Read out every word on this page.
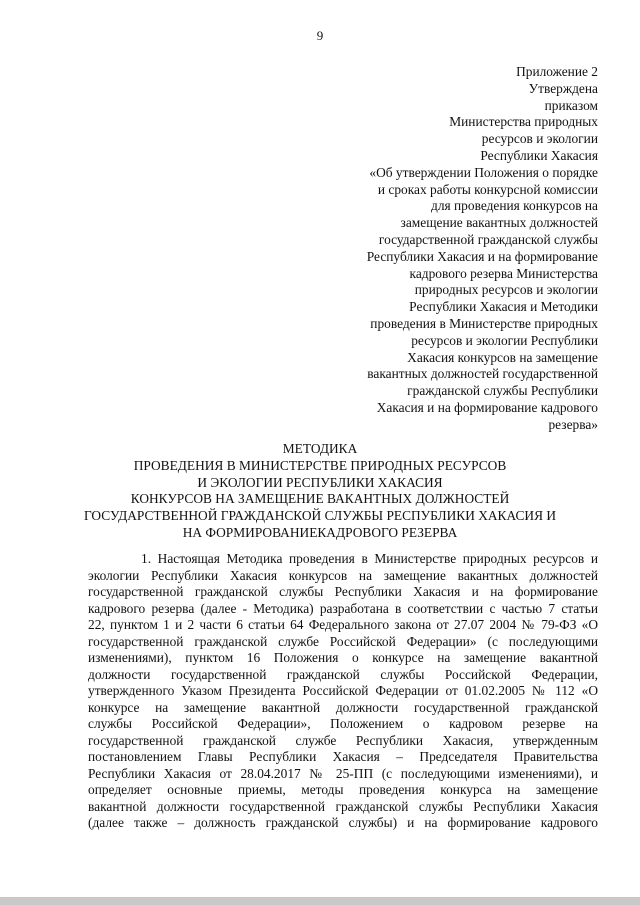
9
Приложение 2
Утверждена
приказом
Министерства природных
ресурсов и экологии
Республики Хакасия
«Об утверждении Положения о порядке
и сроках работы конкурсной комиссии
для проведения конкурсов на
замещение вакантных должностей
государственной гражданской службы
Республики Хакасия и на формирование
кадрового резерва Министерства
природных ресурсов и экологии
Республики Хакасия и Методики
проведения в Министерстве природных
ресурсов и экологии Республики
Хакасия конкурсов на замещение
вакантных должностей государственной
гражданской службы Республики
Хакасия и на формирование кадрового
резерва»
МЕТОДИКА
ПРОВЕДЕНИЯ В МИНИСТЕРСТВЕ ПРИРОДНЫХ РЕСУРСОВ
И ЭКОЛОГИИ РЕСПУБЛИКИ ХАКАСИЯ
КОНКУРСОВ НА ЗАМЕЩЕНИЕ ВАКАНТНЫХ ДОЛЖНОСТЕЙ
ГОСУДАРСТВЕННОЙ ГРАЖДАНСКОЙ СЛУЖБЫ РЕСПУБЛИКИ ХАКАСИЯ И
НА ФОРМИРОВАНИЕКАДРОВОГО РЕЗЕРВА
1. Настоящая Методика проведения в Министерстве природных ресурсов и
экологии Республики Хакасия конкурсов на замещение вакантных должностей
государственной гражданской службы Республики Хакасия и на формирование
кадрового резерва (далее - Методика) разработана в соответствии с частью 7 статьи
22, пунктом 1 и 2 части 6 статьи 64 Федерального закона от 27.07 2004 № 79-ФЗ «О
государственной гражданской службе Российской Федерации» (с последующими
изменениями), пунктом 16 Положения о конкурсе на замещение вакантной
должности государственной гражданской службы Российской Федерации,
утвержденного Указом Президента Российской Федерации от 01.02.2005 № 112 «О
конкурсе на замещение вакантной должности государственной гражданской
службы Российской Федерации», Положением о кадровом резерве на
государственной гражданской службе Республики Хакасия, утвержденным
постановлением Главы Республики Хакасия – Председателя Правительства
Республики Хакасия от 28.04.2017 № 25-ПП (с последующими изменениями), и
определяет основные приемы, методы проведения конкурса на замещение
вакантной должности государственной гражданской службы Республики Хакасия
(далее также – должность гражданской службы) и на формирование кадрового
